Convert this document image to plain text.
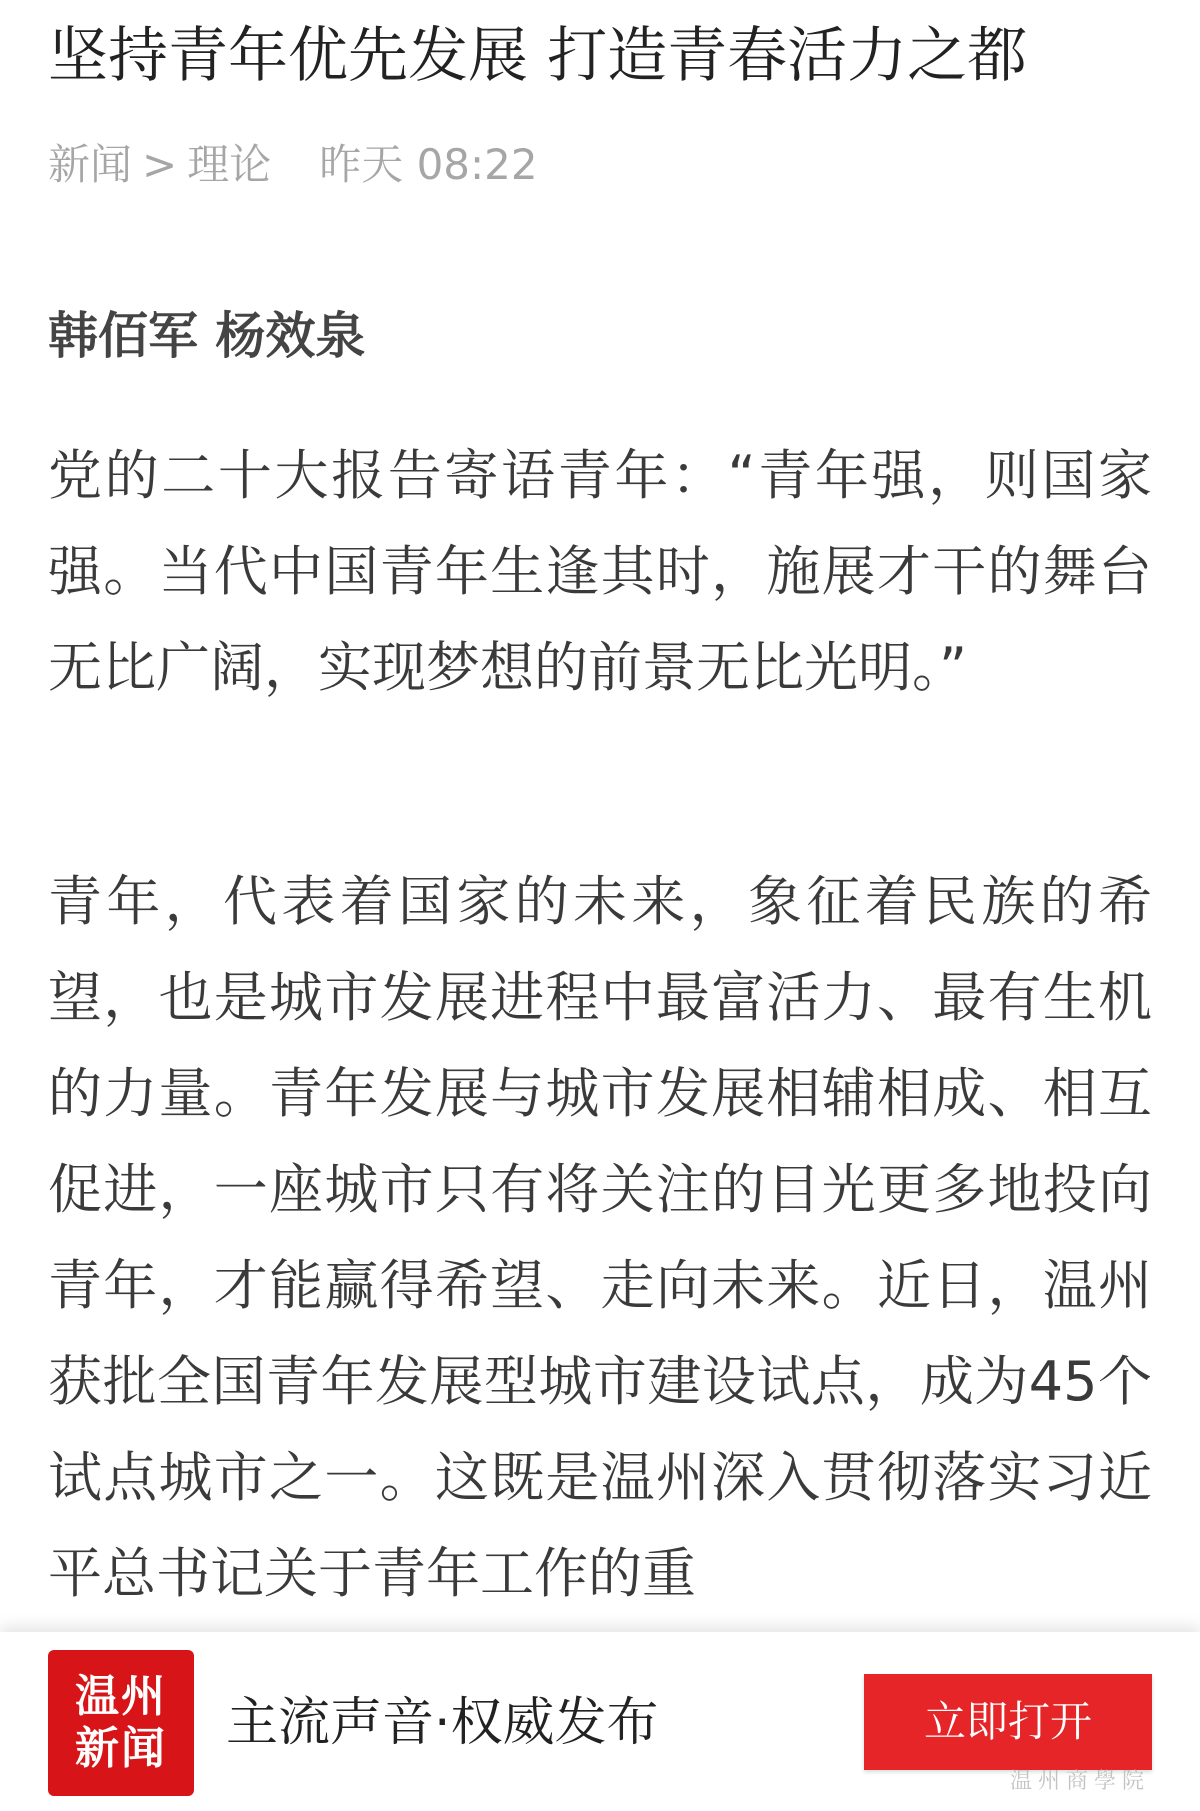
坚持青年优先发展 打造青春活力之都
新闻 > 理论 昨天 08:22
韩佰军 杨效泉

党的二十大报告寄语青年：“青年强，则国家强。当代中国青年生逢其时，施展才干的舞台无比广阔，实现梦想的前景无比光明。”

青年，代表着国家的未来，象征着民族的希望，也是城市发展进程中最富活力、最有生机的力量。青年发展与城市发展相辅相成、相互促进，一座城市只有将关注的目光更多地投向青年，才能赢得希望、走向未来。近日，温州获批全国青年发展型城市建设试点，成为45个试点城市之一。这既是温州深入贯彻落实习近平总书记关于青年工作的重

温州
新闻 主流声音·权威发布	立即打开
温州商學院
